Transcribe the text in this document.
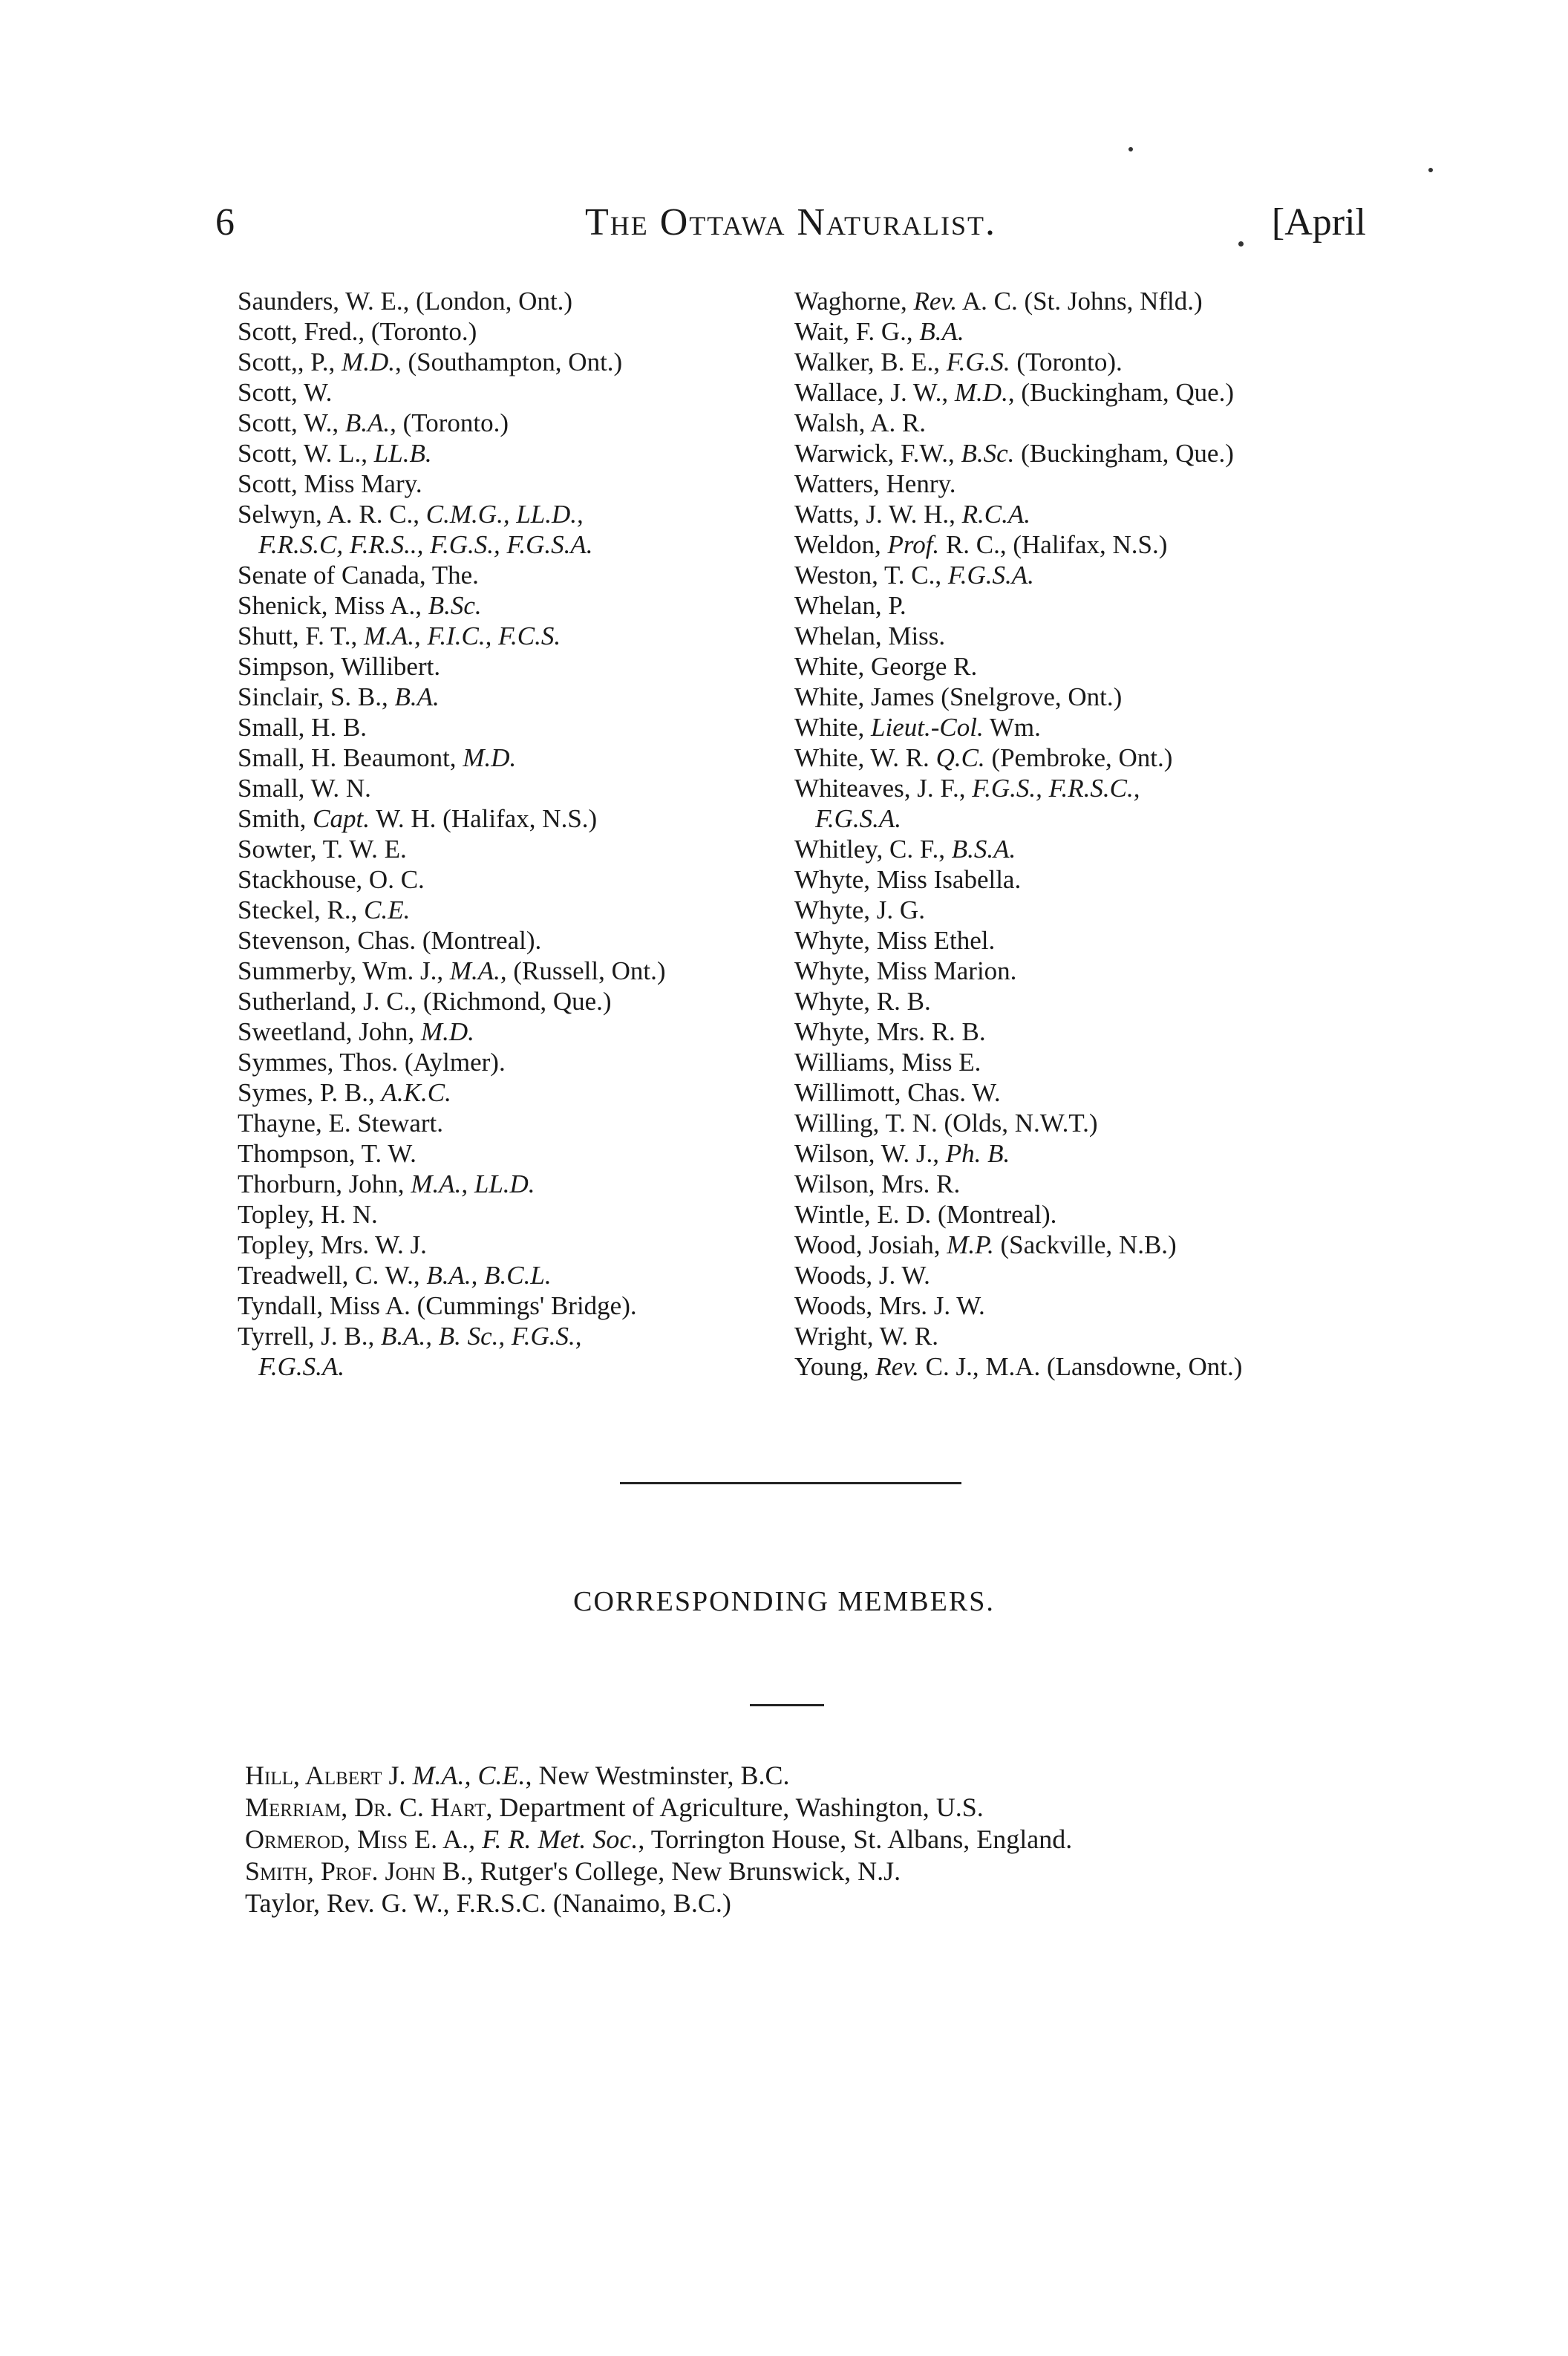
6	The Ottawa Naturalist.	[April
Saunders, W. E., (London, Ont.)
Scott, Fred., (Toronto.)
Scott,, P., M.D., (Southampton, Ont.)
Scott, W.
Scott, W., B.A., (Toronto.)
Scott, W. L., LL.B.
Scott, Miss Mary.
Selwyn, A. R. C., C.M.G., LL.D.,
F.R.S.C, F.R.S.., F.G.S., F.G.S.A.
Senate of Canada, The.
Shenick, Miss A., B.Sc.
Shutt, F. T., M.A., F.I.C., F.C.S.
Simpson, Willibert.
Sinclair, S. B., B.A.
Small, H. B.
Small, H. Beaumont, M.D.
Small, W. N.
Smith, Capt. W. H. (Halifax, N.S.)
Sowter, T. W. E.
Stackhouse, O. C.
Steckel, R., C.E.
Stevenson, Chas. (Montreal).
Summerby, Wm. J., M.A., (Russell, Ont.)
Sutherland, J. C., (Richmond, Que.)
Sweetland, John, M.D.
Symmes, Thos. (Aylmer).
Symes, P. B., A.K.C.
Thayne, E. Stewart.
Thompson, T. W.
Thorburn, John, M.A., LL.D.
Topley, H. N.
Topley, Mrs. W. J.
Treadwell, C. W., B.A., B.C.L.
Tyndall, Miss A. (Cummings' Bridge).
Tyrrell, J. B., B.A., B. Sc., F.G.S.,
F.G.S.A.
Waghorne, Rev. A. C. (St. Johns, Nfld.)
Wait, F. G., B.A.
Walker, B. E., F.G.S. (Toronto).
Wallace, J. W., M.D., (Buckingham, Que.)
Walsh, A. R.
Warwick, F.W., B.Sc. (Buckingham, Que.)
Watters, Henry.
Watts, J. W. H., R.C.A.
Weldon, Prof. R. C., (Halifax, N.S.)
Weston, T. C., F.G.S.A.
Whelan, P.
Whelan, Miss.
White, George R.
White, James (Snelgrove, Ont.)
White, Lieut.-Col. Wm.
White, W. R. Q.C. (Pembroke, Ont.)
Whiteaves, J. F., F.G.S., F.R.S.C.,
F.G.S.A.
Whitley, C. F., B.S.A.
Whyte, Miss Isabella.
Whyte, J. G.
Whyte, Miss Ethel.
Whyte, Miss Marion.
Whyte, R. B.
Whyte, Mrs. R. B.
Williams, Miss E.
Willimott, Chas. W.
Willing, T. N. (Olds, N.W.T.)
Wilson, W. J., Ph. B.
Wilson, Mrs. R.
Wintle, E. D. (Montreal).
Wood, Josiah, M.P. (Sackville, N.B.)
Woods, J. W.
Woods, Mrs. J. W.
Wright, W. R.
Young, Rev. C. J., M.A. (Lansdowne, Ont.)
CORRESPONDING MEMBERS.
Hill, Albert J. M.A., C.E., New Westminster, B.C.
Merriam, Dr. C. Hart, Department of Agriculture, Washington, U.S.
Ormerod, Miss E. A., F. R. Met. Soc., Torrington House, St. Albans, England.
Smith, Prof. John B., Rutger's College, New Brunswick, N.J.
Taylor, Rev. G. W., F.R.S.C. (Nanaimo, B.C.)
